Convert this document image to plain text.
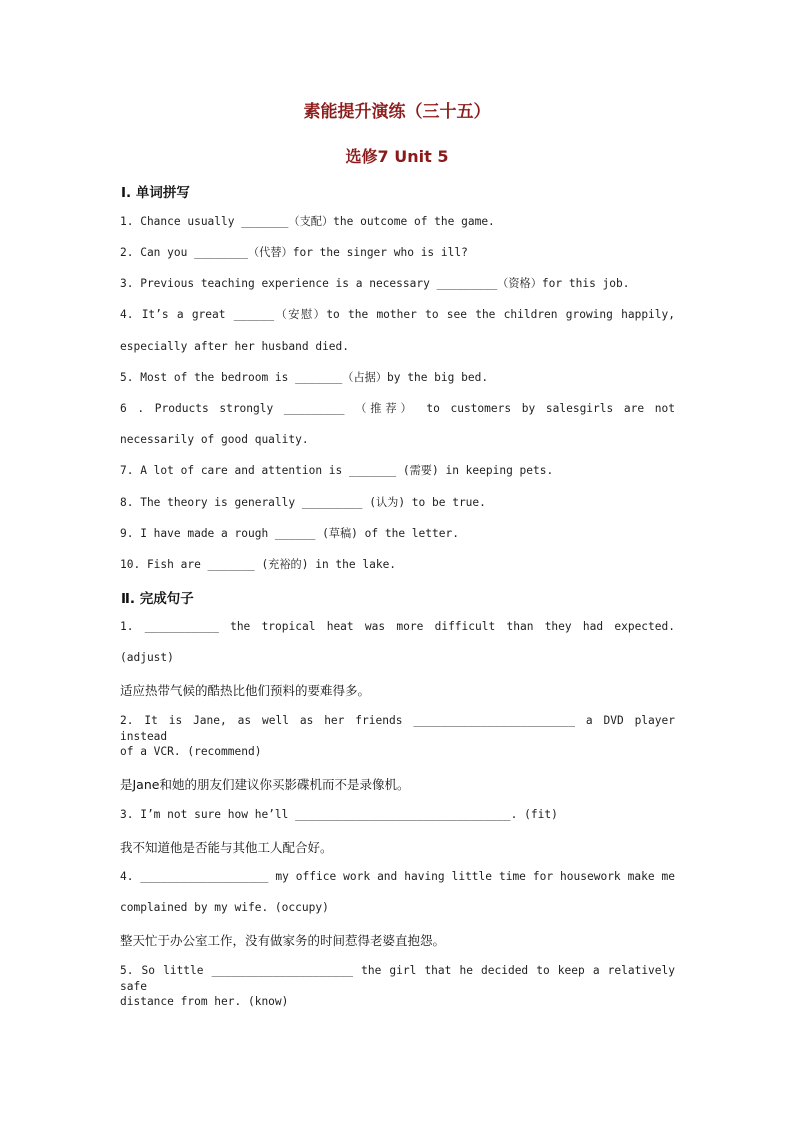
素能提升演练（三十五）
选修7 Unit 5
Ⅰ. 单词拼写
1. Chance usually _______（支配）the outcome of the game.
2. Can you ________（代替）for the singer who is ill?
3. Previous teaching experience is a necessary _________（资格）for this job.
4. It’s a great ______（安慰）to the mother to see the children growing happily,
especially after her husband died.
5. Most of the bedroom is _______（占据）by the big bed.
6 . Products strongly _________ （推荐） to customers by salesgirls are not
necessarily of good quality.
7. A lot of care and attention is _______ (需要) in keeping pets.
8. The theory is generally _________ (认为) to be true.
9. I have made a rough ______ (草稿) of the letter.
10. Fish are _______ (充裕的) in the lake.
Ⅱ. 完成句子
1. ___________ the tropical heat was more difficult than they had expected.
(adjust)
适应热带气候的酷热比他们预料的要难得多。
2. It is Jane, as well as her friends ________________________ a DVD player instead
of a VCR. (recommend)
是Jane和她的朋友们建议你买影碟机而不是录像机。
3. I’m not sure how he’ll ________________________________. (fit)
我不知道他是否能与其他工人配合好。
4. ___________________ my office work and having little time for housework make me
complained by my wife. (occupy)
整天忙于办公室工作，没有做家务的时间惹得老婆直抱怨。
5. So little _____________________ the girl that he decided to keep a relatively safe
distance from her. (know)
